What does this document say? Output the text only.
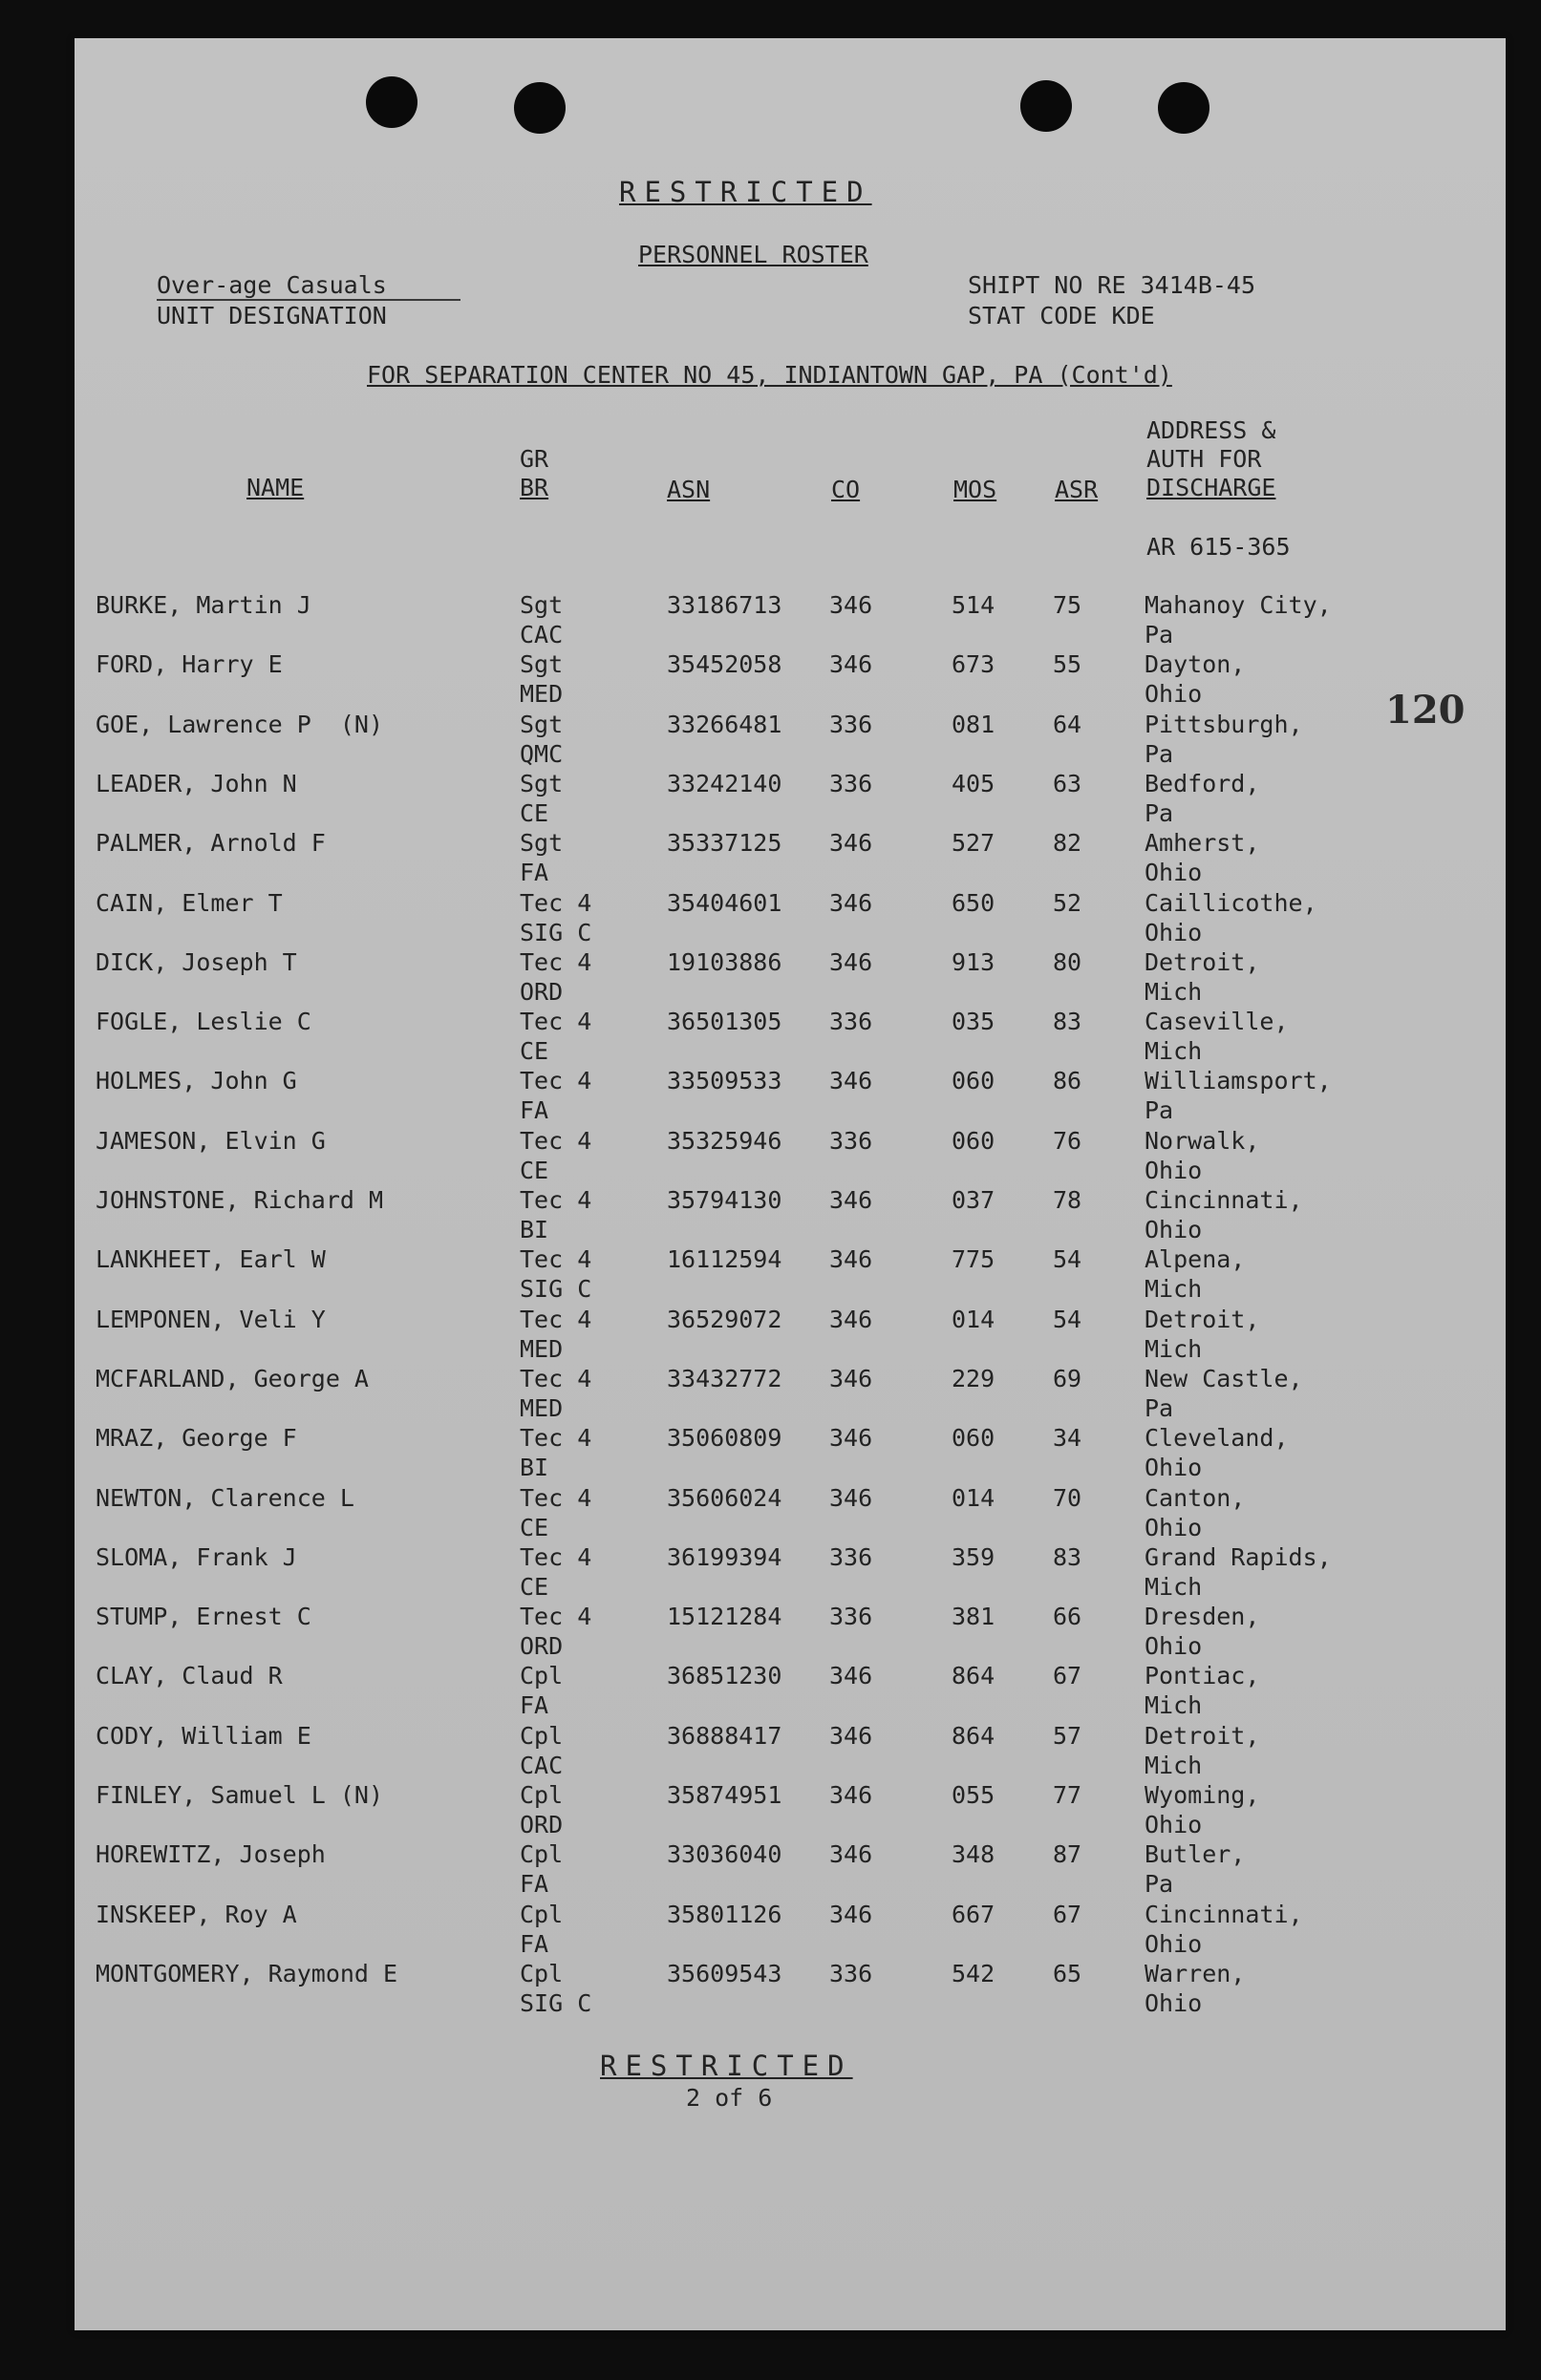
RESTRICTED
PERSONNEL ROSTER
Over-age Casuals
UNIT DESIGNATION
SHIPT NO RE 3414B-45
STAT CODE KDE
FOR SEPARATION CENTER NO 45, INDIANTOWN GAP, PA (Cont'd)
120
NAME
GR
BR	ASN	CO	MOS ASR
ADDRESS &
AUTH FOR
DISCHARGE
AR 615-365
BURKE, Martin J	Sgt	33186713 346	514 75	Mahanoy City,
CAC	Pa
FORD, Harry E	Sgt	35452058 346	673 55	Dayton,
MED	Ohio
GOE, Lawrence P  (N)	Sgt	33266481 336	081 64	Pittsburgh,
QMC	Pa
LEADER, John N	Sgt	33242140 336	405 63	Bedford,
CE	Pa
PALMER, Arnold F	Sgt	35337125 346	527 82	Amherst,
FA	Ohio
CAIN, Elmer T	Tec 4	35404601 346	650 52	Caillicothe,
SIG C	Ohio
DICK, Joseph T	Tec 4	19103886 346	913 80	Detroit,
ORD	Mich
FOGLE, Leslie C	Tec 4	36501305 336	035 83	Caseville,
CE	Mich
HOLMES, John G	Tec 4	33509533 346	060 86	Williamsport,
FA	Pa
JAMESON, Elvin G	Tec 4	35325946 336	060 76	Norwalk,
CE	Ohio
JOHNSTONE, Richard M	Tec 4	35794130 346	037 78	Cincinnati,
BI	Ohio
LANKHEET, Earl W	Tec 4	16112594 346	775 54	Alpena,
SIG C	Mich
LEMPONEN, Veli Y	Tec 4	36529072 346	014 54	Detroit,
MED	Mich
MCFARLAND, George A	Tec 4	33432772 346	229 69	New Castle,
MED	Pa
MRAZ, George F	Tec 4	35060809 346	060 34	Cleveland,
BI	Ohio
NEWTON, Clarence L	Tec 4	35606024 346	014 70	Canton,
CE	Ohio
SLOMA, Frank J	Tec 4	36199394 336	359 83	Grand Rapids,
CE	Mich
STUMP, Ernest C	Tec 4	15121284 336	381 66	Dresden,
ORD	Ohio
CLAY, Claud R	Cpl	36851230 346	864 67	Pontiac,
FA	Mich
CODY, William E	Cpl	36888417 346	864 57	Detroit,
CAC	Mich
FINLEY, Samuel L (N)	Cpl	35874951 346	055 77	Wyoming,
ORD	Ohio
HOREWITZ, Joseph	Cpl	33036040 346	348 87	Butler,
FA	Pa
INSKEEP, Roy A	Cpl	35801126 346	667 67	Cincinnati,
FA	Ohio
MONTGOMERY, Raymond E	Cpl	35609543 336	542 65	Warren,
SIG C	Ohio
RESTRICTED
2 of 6
